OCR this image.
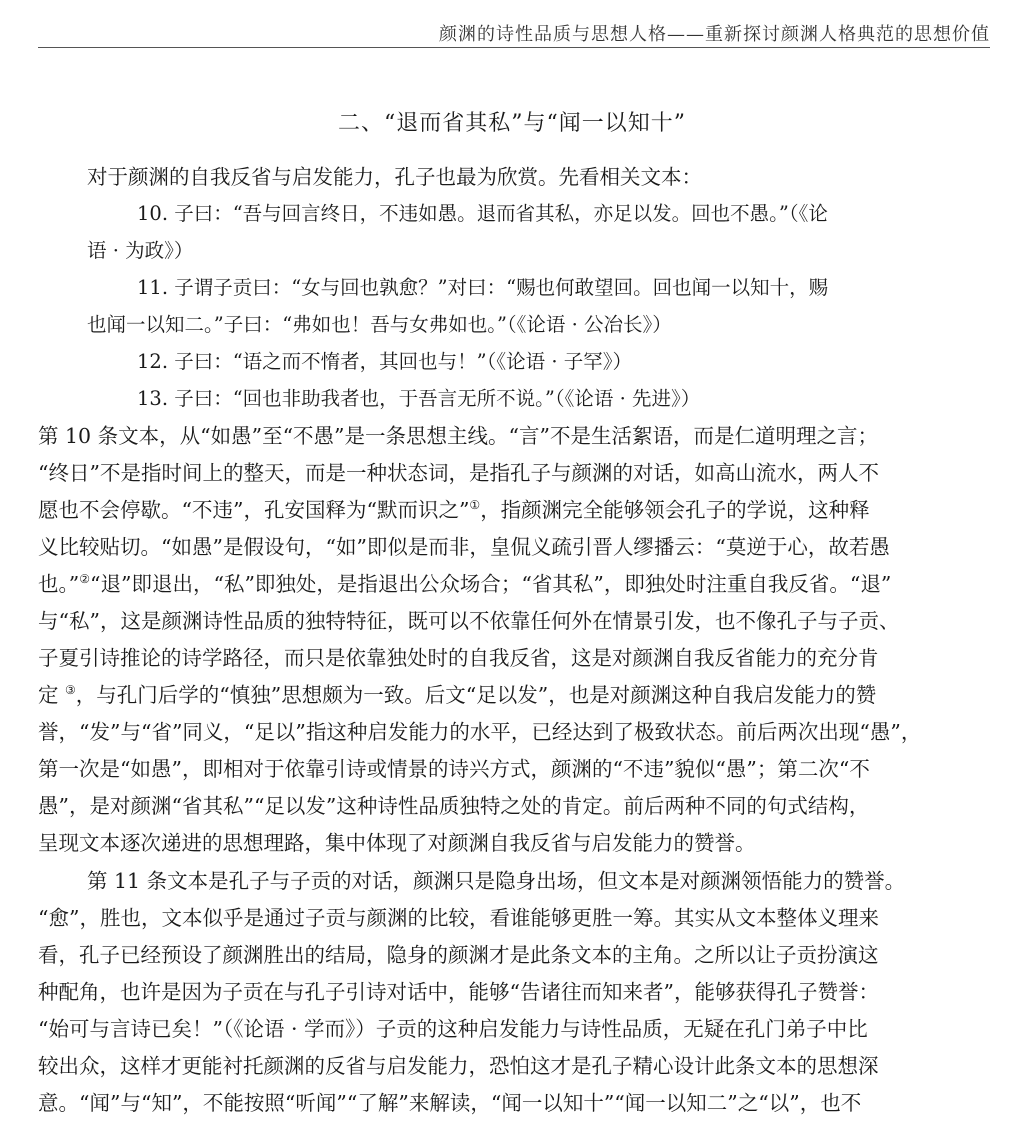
颜渊的诗性品质与思想人格——重新探讨颜渊人格典范的思想价值
二、“退而省其私”与“闻一以知十”
对于颜渊的自我反省与启发能力，孔子也最为欣赏。先看相关文本：
10. 子曰：“吾与回言终日，不违如愚。退而省其私，亦足以发。回也不愚。”（《论
语 · 为政》）
11. 子谓子贡曰：“女与回也孰愈？”对曰：“赐也何敢望回。回也闻一以知十，赐
也闻一以知二。”子曰：“弗如也！吾与女弗如也。”（《论语 · 公冶长》）
12. 子曰：“语之而不惰者，其回也与！”（《论语 · 子罕》）
13. 子曰：“回也非助我者也，于吾言无所不说。”（《论语 · 先进》）
第 10 条文本，从“如愚”至“不愚”是一条思想主线。“言”不是生活絮语，而是仁道明理之言；
“终日”不是指时间上的整天，而是一种状态词，是指孔子与颜渊的对话，如高山流水，两人不
愿也不会停歇。“不违”，孔安国释为“默而识之”①，指颜渊完全能够领会孔子的学说，这种释
义比较贴切。“如愚”是假设句，“如”即似是而非，皇侃义疏引晋人缪播云：“莫逆于心，故若愚
也。”②“退”即退出，“私”即独处，是指退出公众场合；“省其私”，即独处时注重自我反省。“退”
与“私”，这是颜渊诗性品质的独特特征，既可以不依靠任何外在情景引发，也不像孔子与子贡、
子夏引诗推论的诗学路径，而只是依靠独处时的自我反省，这是对颜渊自我反省能力的充分肯
定 ③，与孔门后学的“慎独”思想颇为一致。后文“足以发”，也是对颜渊这种自我启发能力的赞
誉，“发”与“省”同义，“足以”指这种启发能力的水平，已经达到了极致状态。前后两次出现“愚”，
第一次是“如愚”，即相对于依靠引诗或情景的诗兴方式，颜渊的“不违”貌似“愚”；第二次“不
愚”，是对颜渊“省其私”“足以发”这种诗性品质独特之处的肯定。前后两种不同的句式结构，
呈现文本逐次递进的思想理路，集中体现了对颜渊自我反省与启发能力的赞誉。
第 11 条文本是孔子与子贡的对话，颜渊只是隐身出场，但文本是对颜渊领悟能力的赞誉。
“愈”，胜也，文本似乎是通过子贡与颜渊的比较，看谁能够更胜一筹。其实从文本整体义理来
看，孔子已经预设了颜渊胜出的结局，隐身的颜渊才是此条文本的主角。之所以让子贡扮演这
种配角，也许是因为子贡在与孔子引诗对话中，能够“告诸往而知来者”，能够获得孔子赞誉：
“始可与言诗已矣！”（《论语 · 学而》）子贡的这种启发能力与诗性品质，无疑在孔门弟子中比
较出众，这样才更能衬托颜渊的反省与启发能力，恐怕这才是孔子精心设计此条文本的思想深
意。“闻”与“知”，不能按照“听闻”“了解”来解读，“闻一以知十”“闻一以知二”之“以”，也不
